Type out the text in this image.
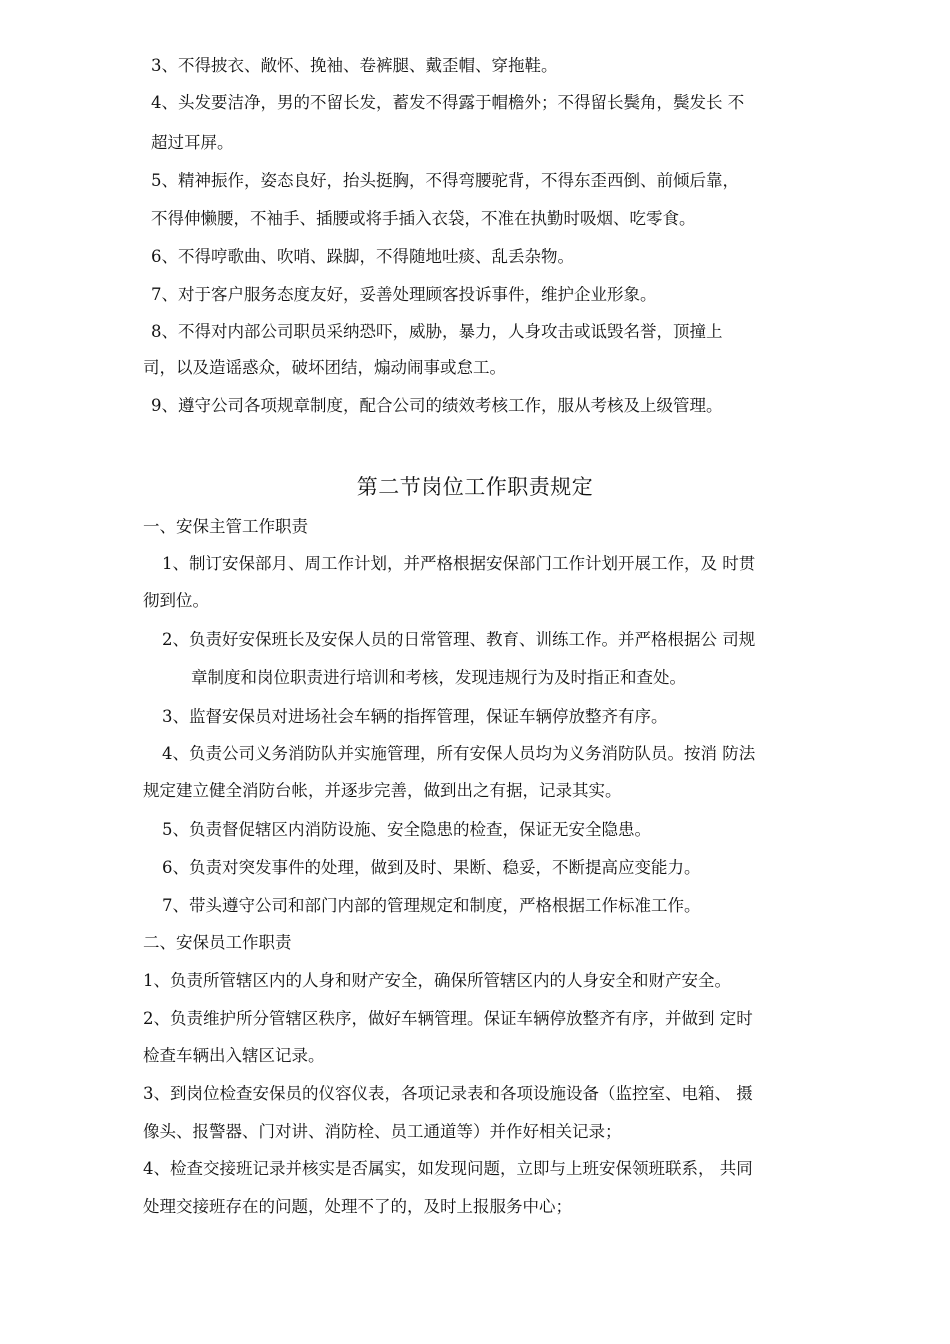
3、不得披衣、敞怀、挽袖、卷裤腿、戴歪帽、穿拖鞋。
4、头发要洁净，男的不留长发，蓄发不得露于帽檐外；不得留长鬓角，鬓发长 不
超过耳屏。
5、精神振作，姿态良好，抬头挺胸，不得弯腰驼背，不得东歪西倒、前倾后靠，
不得伸懒腰，不袖手、插腰或将手插入衣袋，不准在执勤时吸烟、吃零食。
6、不得哼歌曲、吹哨、跺脚，不得随地吐痰、乱丢杂物。
7、对于客户服务态度友好，妥善处理顾客投诉事件，维护企业形象。
8、不得对内部公司职员采纳恐吓，威胁，暴力，人身攻击或诋毁名誉，顶撞上
司，以及造谣惑众，破坏团结，煽动闹事或怠工。
9、遵守公司各项规章制度，配合公司的绩效考核工作，服从考核及上级管理。
第二节岗位工作职责规定
一、安保主管工作职责
1、制订安保部月、周工作计划，并严格根据安保部门工作计划开展工作，及 时贯
彻到位。
2、负责好安保班长及安保人员的日常管理、教育、训练工作。并严格根据公 司规
章制度和岗位职责进行培训和考核，发现违规行为及时指正和查处。
3、监督安保员对进场社会车辆的指挥管理，保证车辆停放整齐有序。
4、负责公司义务消防队并实施管理，所有安保人员均为义务消防队员。按消 防法
规定建立健全消防台帐，并逐步完善，做到出之有据，记录其实。
5、负责督促辖区内消防设施、安全隐患的检查，保证无安全隐患。
6、负责对突发事件的处理，做到及时、果断、稳妥，不断提高应变能力。
7、带头遵守公司和部门内部的管理规定和制度，严格根据工作标准工作。
二、安保员工作职责
1、负责所管辖区内的人身和财产安全，确保所管辖区内的人身安全和财产安全。
2、负责维护所分管辖区秩序，做好车辆管理。保证车辆停放整齐有序，并做到 定时
检查车辆出入辖区记录。
3、到岗位检查安保员的仪容仪表，各项记录表和各项设施设备（监控室、电箱、 摄
像头、报警器、门对讲、消防栓、员工通道等）并作好相关记录；
4、检查交接班记录并核实是否属实，如发现问题，立即与上班安保领班联系， 共同
处理交接班存在的问题，处理不了的，及时上报服务中心；
